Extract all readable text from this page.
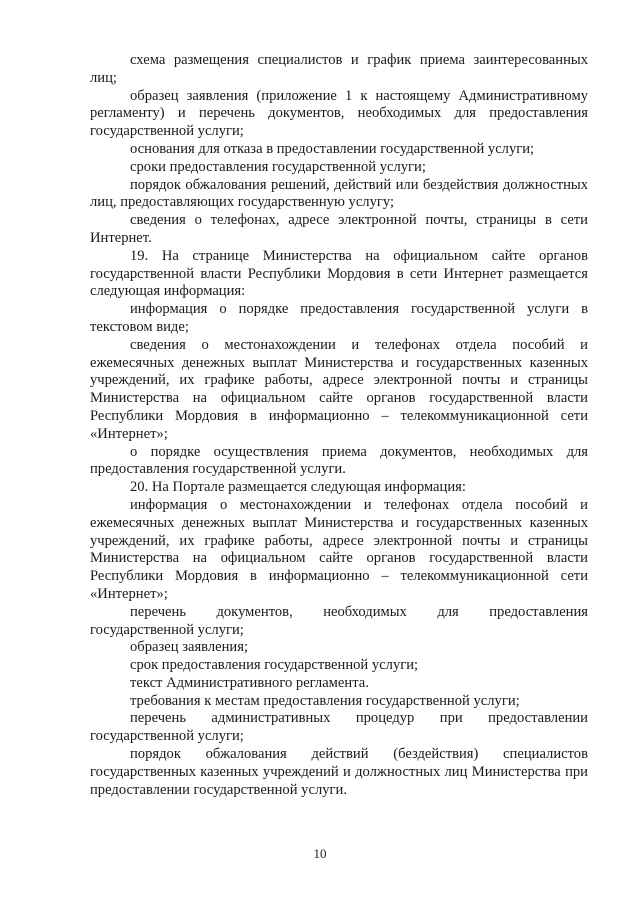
схема размещения специалистов и график приема заинтересованных лиц;

образец заявления (приложение 1 к настоящему Административному регламенту) и перечень документов, необходимых для предоставления государственной услуги;

основания для отказа в предоставлении государственной услуги;

сроки предоставления государственной услуги;

порядок обжалования решений, действий или бездействия должностных лиц, предоставляющих государственную услугу;

сведения о телефонах, адресе электронной почты, страницы в сети Интернет.

19. На странице Министерства на официальном сайте органов государственной власти Республики Мордовия в сети Интернет размещается следующая информация:

информация о порядке предоставления государственной услуги в текстовом виде;

сведения о местонахождении и телефонах отдела пособий и ежемесячных денежных выплат Министерства и государственных казенных учреждений, их графике работы, адресе электронной почты и страницы Министерства на официальном сайте органов государственной власти Республики Мордовия в информационно – телекоммуникационной сети «Интернет»;

о порядке осуществления приема документов, необходимых для предоставления государственной услуги.

20. На Портале размещается следующая информация:

информация о местонахождении и телефонах отдела пособий и ежемесячных денежных выплат Министерства и государственных казенных учреждений, их графике работы, адресе электронной почты и страницы Министерства на официальном сайте органов государственной власти Республики Мордовия в информационно – телекоммуникационной сети «Интернет»;

перечень документов, необходимых для предоставления государственной услуги;

образец заявления;

срок предоставления государственной услуги;

текст Административного регламента.

требования к местам предоставления государственной услуги;

перечень административных процедур при предоставлении государственной услуги;

порядок обжалования действий (бездействия) специалистов государственных казенных учреждений и должностных лиц Министерства при предоставлении государственной услуги.

10
